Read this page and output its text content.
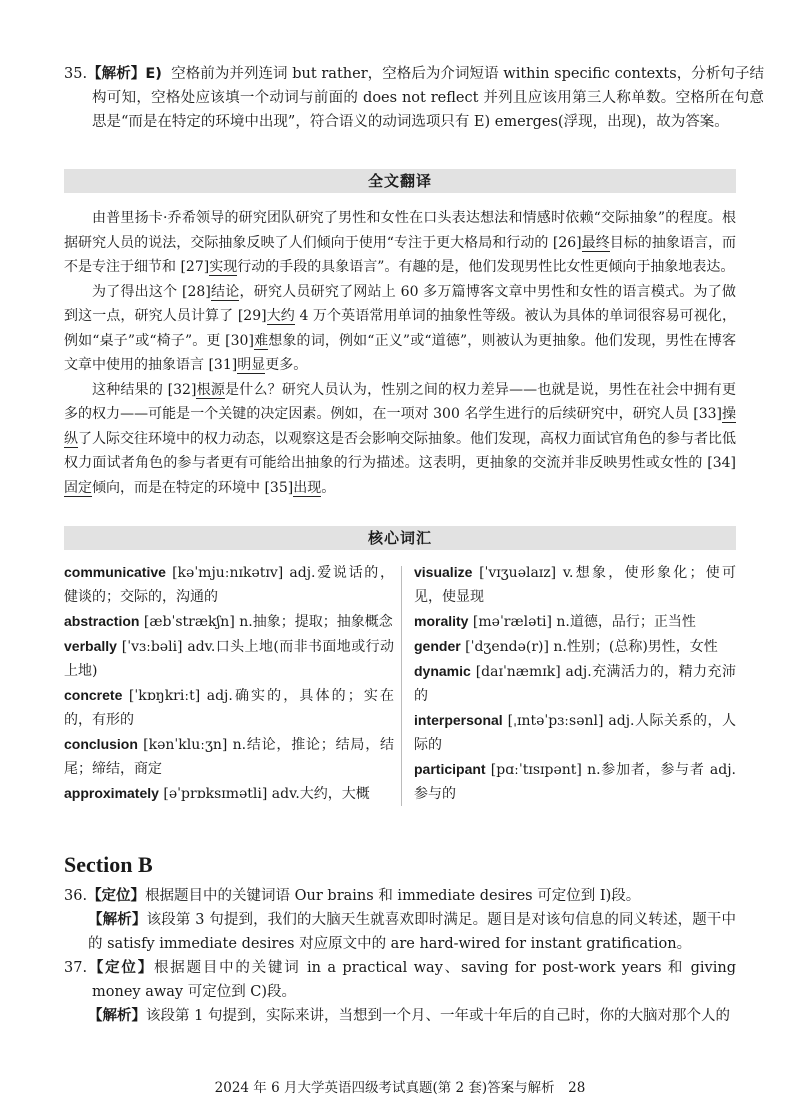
35.【解析】E) 空格前为并列连词 but rather，空格后为介词短语 within specific contexts，分析句子结构可知，空格处应该填一个动词与前面的 does not reflect 并列且应该用第三人称单数。空格所在句意思是“而是在特定的环境中出现”，符合语义的动词选项只有 E) emerges(浮现，出现)，故为答案。
全文翻译

由普里扬卡·乔希领导的研究团队研究了男性和女性在口头表达想法和情感时依赖“交际抽象”的程度。根据研究人员的说法，交际抽象反映了人们倾向于使用“专注于更大格局和行动的 [26]最终目标的抽象语言，而不是专注于细节和 [27]实现行动的手段的具象语言”。有趣的是，他们发现男性比女性更倾向于抽象地表达。

为了得出这个 [28]结论，研究人员研究了网站上 60 多万篇博客文章中男性和女性的语言模式。为了做到这一点，研究人员计算了 [29]大约 4 万个英语常用单词的抽象性等级。被认为具体的单词很容易可视化，例如“桌子”或“椅子”。更 [30]难想象的词，例如“正义”或“道德”，则被认为更抽象。他们发现，男性在博客文章中使用的抽象语言 [31]明显更多。

这种结果的 [32]根源是什么？研究人员认为，性别之间的权力差异——也就是说，男性在社会中拥有更多的权力——可能是一个关键的决定因素。例如，在一项对 300 名学生进行的后续研究中，研究人员 [33]操纵了人际交往环境中的权力动态，以观察这是否会影响交际抽象。他们发现，高权力面试官角色的参与者比低权力面试者角色的参与者更有可能给出抽象的行为描述。这表明，更抽象的交流并非反映男性或女性的 [34]固定倾向，而是在特定的环境中 [35]出现。

核心词汇
communicative [kəˈmjuːnɪkətɪv] adj.爱说话的，健谈的；交际的，沟通的
abstraction [æbˈstrækʃn] n.抽象；提取；抽象概念
verbally [ˈvɜːbəli] adv.口头上地(而非书面地或行动上地)
concrete [ˈkɒŋkriːt] adj.确实的，具体的；实在的，有形的
conclusion [kənˈkluːʒn] n.结论，推论；结局，结尾；缔结，商定
approximately [əˈprɒksɪmətli] adv.大约，大概
visualize [ˈvɪʒuəlaɪz] v.想象，使形象化；使可见，使显现
morality [məˈræləti] n.道德，品行；正当性
gender [ˈdʒendə(r)] n.性别；(总称)男性，女性
dynamic [daɪˈnæmɪk] adj.充满活力的，精力充沛的
interpersonal [ˌɪntəˈpɜːsənl] adj.人际关系的，人际的
participant [pɑːˈtɪsɪpənt] n.参加者，参与者 adj.参与的
Section B
36.【定位】根据题目中的关键词语 Our brains 和 immediate desires 可定位到 I)段。
【解析】该段第 3 句提到，我们的大脑天生就喜欢即时满足。题目是对该句信息的同义转述，题干中的 satisfy immediate desires 对应原文中的 are hard-wired for instant gratification。
37.【定位】根据题目中的关键词 in a practical way、saving for post-work years 和 giving money away 可定位到 C)段。
【解析】该段第 1 句提到，实际来讲，当想到一个月、一年或十年后的自己时，你的大脑对那个人的
2024 年 6 月大学英语四级考试真题(第 2 套)答案与解析　28
